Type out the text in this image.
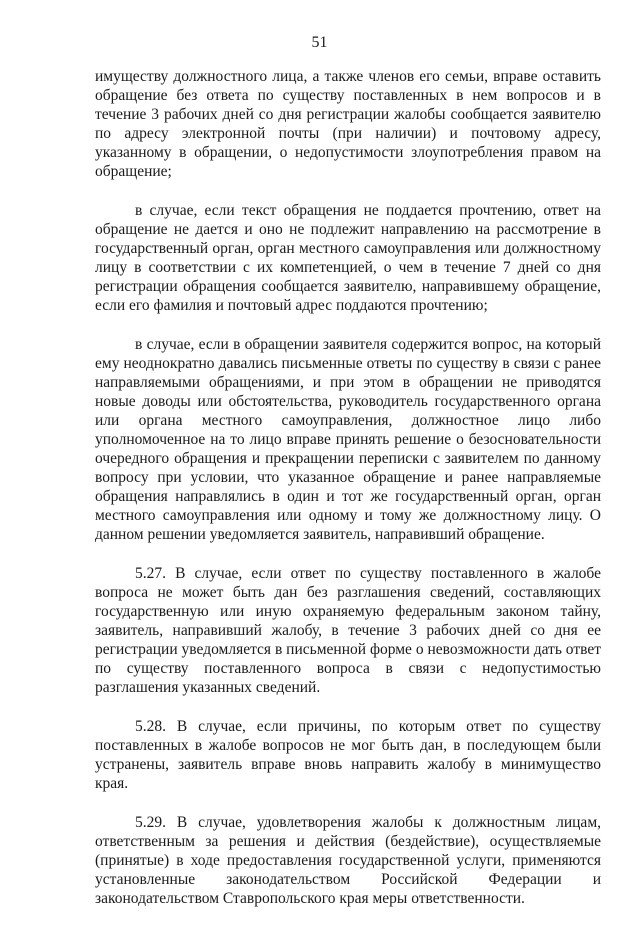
51

имуществу должностного лица, а также членов его семьи, вправе оставить обращение без ответа по существу поставленных в нем вопросов и в течение 3 рабочих дней со дня регистрации жалобы сообщается заявителю по адресу электронной почты (при наличии) и почтовому адресу, указанному в обращении, о недопустимости злоупотребления правом на обращение;

в случае, если текст обращения не поддается прочтению, ответ на обращение не дается и оно не подлежит направлению на рассмотрение в государственный орган, орган местного самоуправления или должностному лицу в соответствии с их компетенцией, о чем в течение 7 дней со дня регистрации обращения сообщается заявителю, направившему обращение, если его фамилия и почтовый адрес поддаются прочтению;

в случае, если в обращении заявителя содержится вопрос, на который ему неоднократно давались письменные ответы по существу в связи с ранее направляемыми обращениями, и при этом в обращении не приводятся новые доводы или обстоятельства, руководитель государственного органа или органа местного самоуправления, должностное лицо либо уполномоченное на то лицо вправе принять решение о безосновательности очередного обращения и прекращении переписки с заявителем по данному вопросу при условии, что указанное обращение и ранее направляемые обращения направлялись в один и тот же государственный орган, орган местного самоуправления или одному и тому же должностному лицу. О данном решении уведомляется заявитель, направивший обращение.

5.27. В случае, если ответ по существу поставленного в жалобе вопроса не может быть дан без разглашения сведений, составляющих государственную или иную охраняемую федеральным законом тайну, заявитель, направивший жалобу, в течение 3 рабочих дней со дня ее регистрации уведомляется в письменной форме о невозможности дать ответ по существу поставленного вопроса в связи с недопустимостью разглашения указанных сведений.

5.28. В случае, если причины, по которым ответ по существу поставленных в жалобе вопросов не мог быть дан, в последующем были устранены, заявитель вправе вновь направить жалобу в минимущество края.

5.29. В случае, удовлетворения жалобы к должностным лицам, ответственным за решения и действия (бездействие), осуществляемые (принятые) в ходе предоставления государственной услуги, применяются установленные законодательством Российской Федерации и законодательством Ставропольского края меры ответственности.
